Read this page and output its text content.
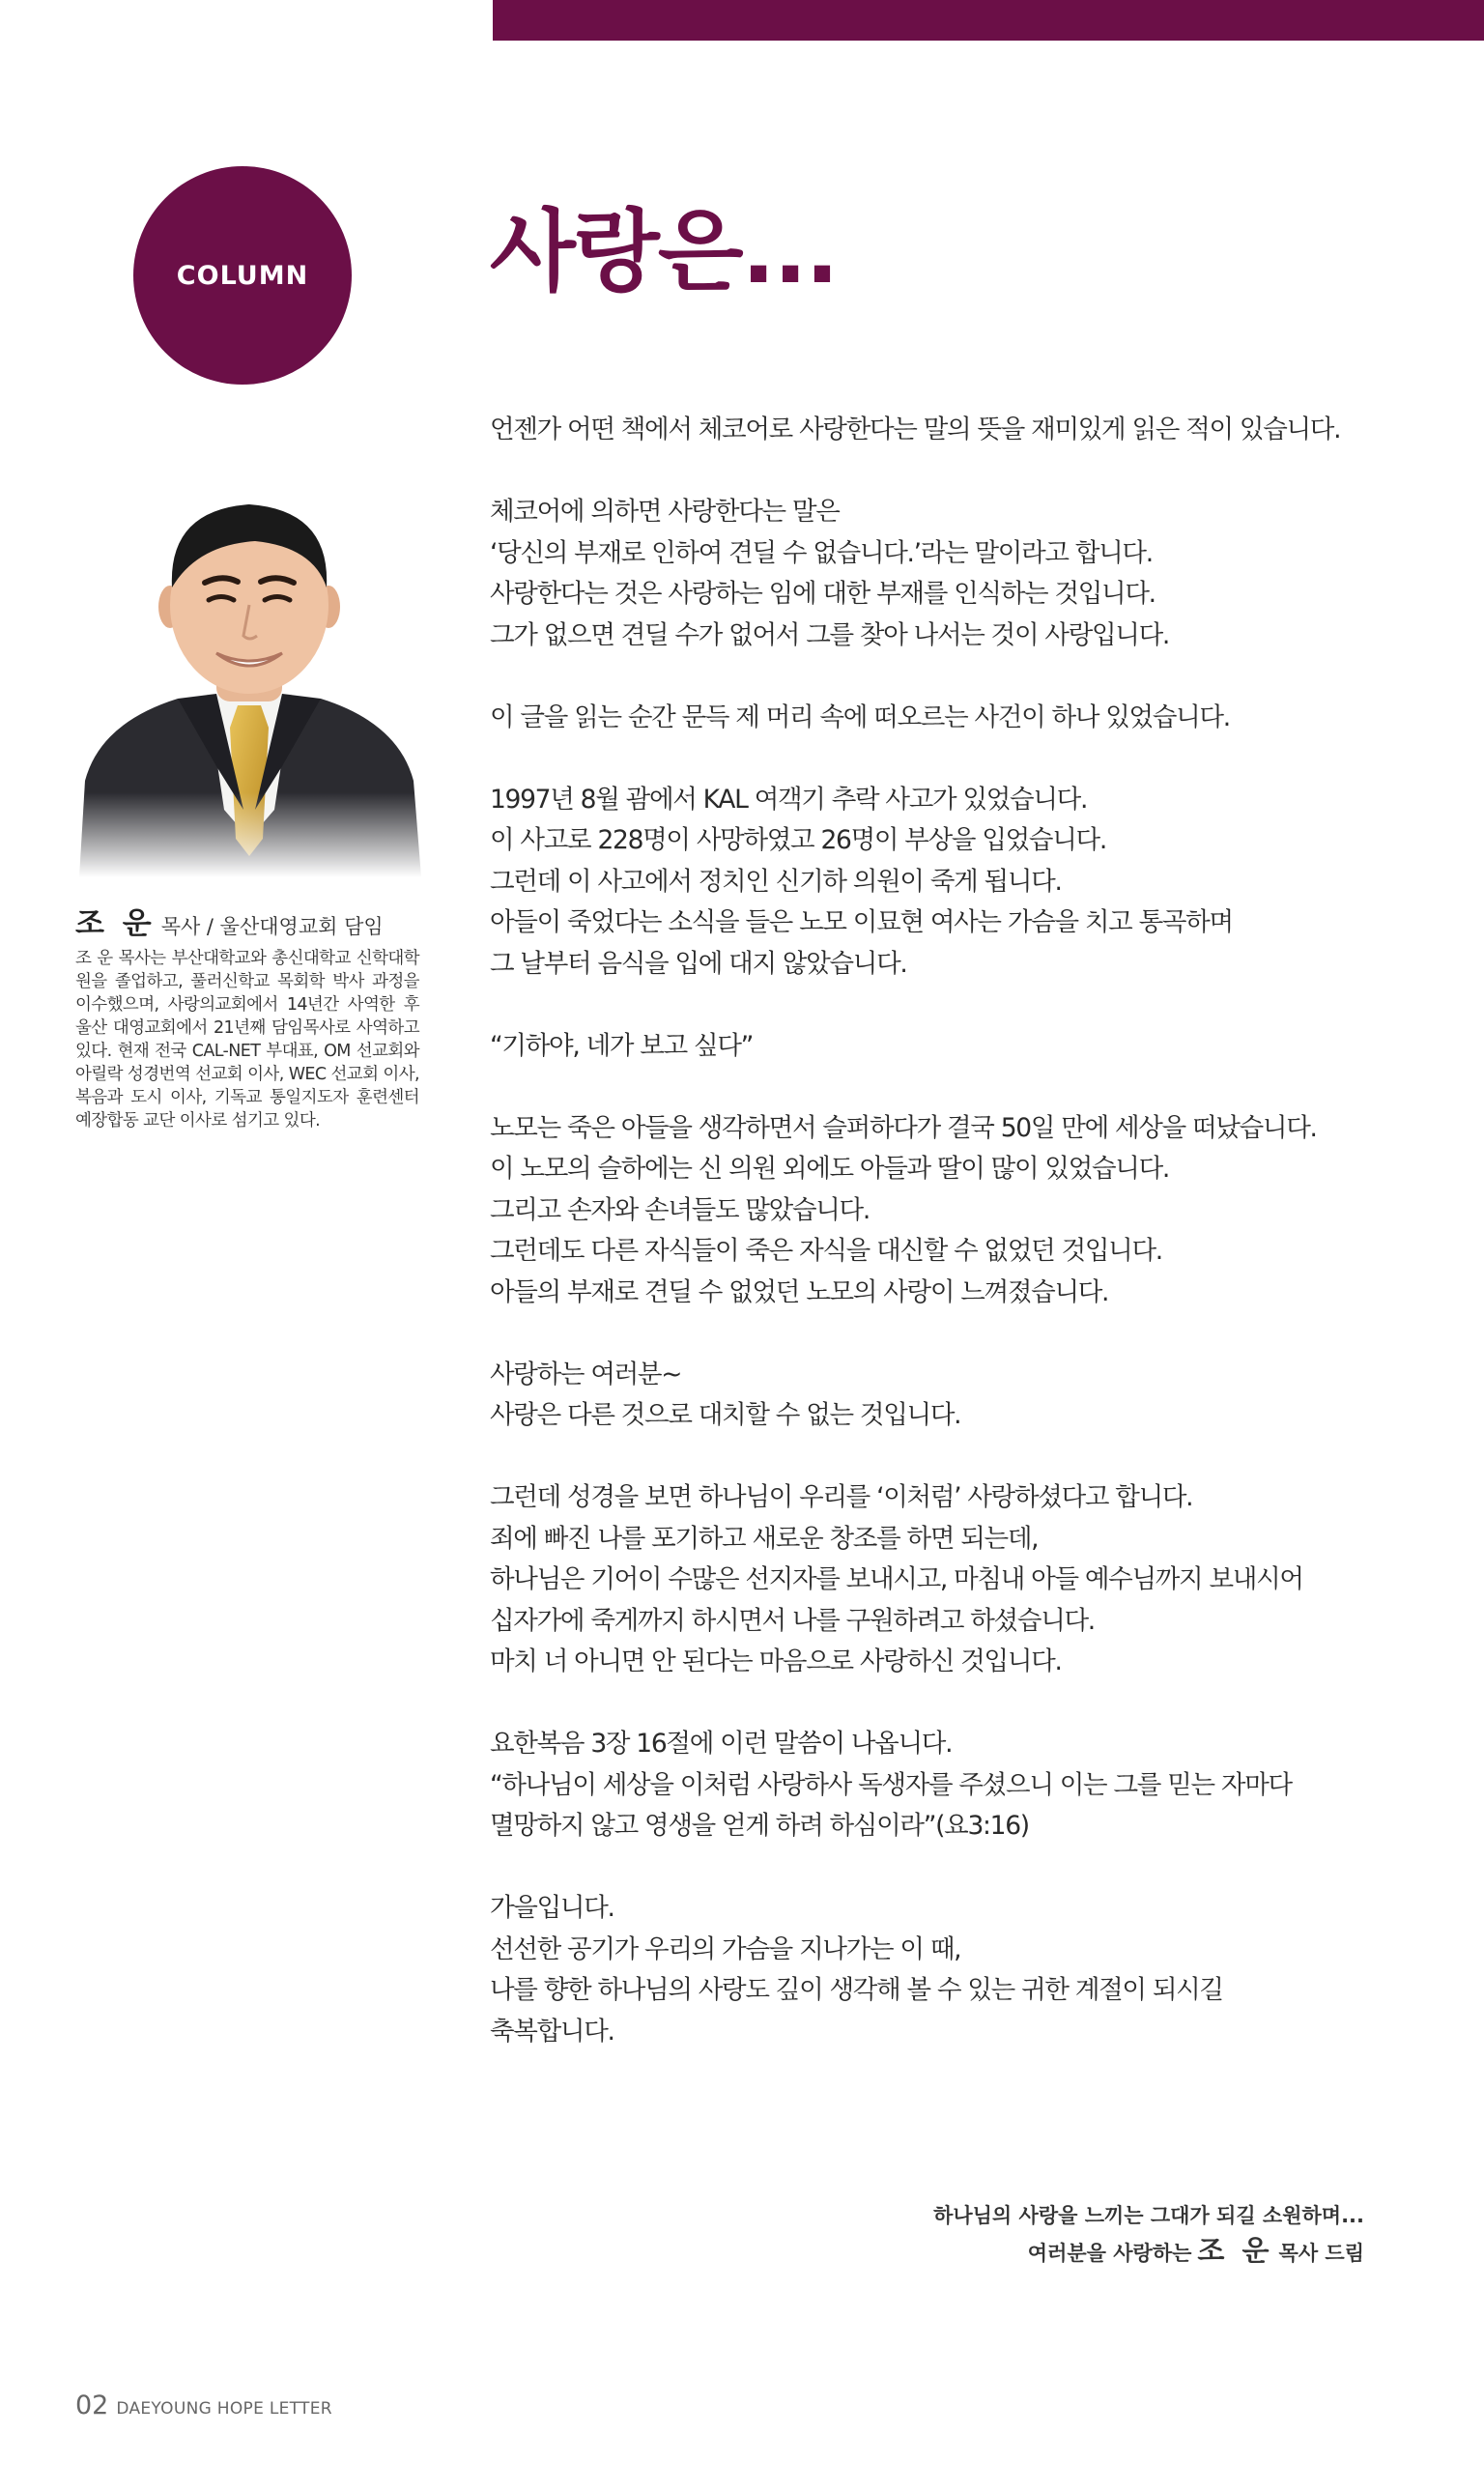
COLUMN 사랑은...
조 운 목사 / 울산대영교회 담임

조 운 목사는 부산대학교와 총신대학교 신학대학원을 졸업하고, 풀러신학교 목회학 박사 과정을 이수했으며, 사랑의교회에서 14년간 사역한 후 울산 대영교회에서 21년째 담임목사로 사역하고 있다. 현재 전국 CAL-NET 부대표, OM 선교회와 아릴락 성경번역 선교회 이사, WEC 선교회 이사, 복음과 도시 이사, 기독교 통일지도자 훈련센터 예장합동 교단 이사로 섬기고 있다.

언젠가 어떤 책에서 체코어로 사랑한다는 말의 뜻을 재미있게 읽은 적이 있습니다.

체코어에 의하면 사랑한다는 말은
‘당신의 부재로 인하여 견딜 수 없습니다.’라는 말이라고 합니다.
사랑한다는 것은 사랑하는 임에 대한 부재를 인식하는 것입니다.
그가 없으면 견딜 수가 없어서 그를 찾아 나서는 것이 사랑입니다.

이 글을 읽는 순간 문득 제 머리 속에 떠오르는 사건이 하나 있었습니다.

1997년 8월 괌에서 KAL 여객기 추락 사고가 있었습니다.
이 사고로 228명이 사망하였고 26명이 부상을 입었습니다.
그런데 이 사고에서 정치인 신기하 의원이 죽게 됩니다.
아들이 죽었다는 소식을 들은 노모 이묘현 여사는 가슴을 치고 통곡하며
그 날부터 음식을 입에 대지 않았습니다.

“기하야, 네가 보고 싶다”

노모는 죽은 아들을 생각하면서 슬퍼하다가 결국 50일 만에 세상을 떠났습니다.
이 노모의 슬하에는 신 의원 외에도 아들과 딸이 많이 있었습니다.
그리고 손자와 손녀들도 많았습니다.
그런데도 다른 자식들이 죽은 자식을 대신할 수 없었던 것입니다.
아들의 부재로 견딜 수 없었던 노모의 사랑이 느껴졌습니다.

사랑하는 여러분~
사랑은 다른 것으로 대치할 수 없는 것입니다.

그런데 성경을 보면 하나님이 우리를 ‘이처럼’ 사랑하셨다고 합니다.
죄에 빠진 나를 포기하고 새로운 창조를 하면 되는데,
하나님은 기어이 수많은 선지자를 보내시고, 마침내 아들 예수님까지 보내시어
십자가에 죽게까지 하시면서 나를 구원하려고 하셨습니다.
마치 너 아니면 안 된다는 마음으로 사랑하신 것입니다.

요한복음 3장 16절에 이런 말씀이 나옵니다.
“하나님이 세상을 이처럼 사랑하사 독생자를 주셨으니 이는 그를 믿는 자마다
멸망하지 않고 영생을 얻게 하려 하심이라”(요3:16)

가을입니다.
선선한 공기가 우리의 가슴을 지나가는 이 때,
나를 향한 하나님의 사랑도 깊이 생각해 볼 수 있는 귀한 계절이 되시길
축복합니다.

하나님의 사랑을 느끼는 그대가 되길 소원하며...
여러분을 사랑하는 조 운 목사 드림
02 DAEYOUNG HOPE LETTER
